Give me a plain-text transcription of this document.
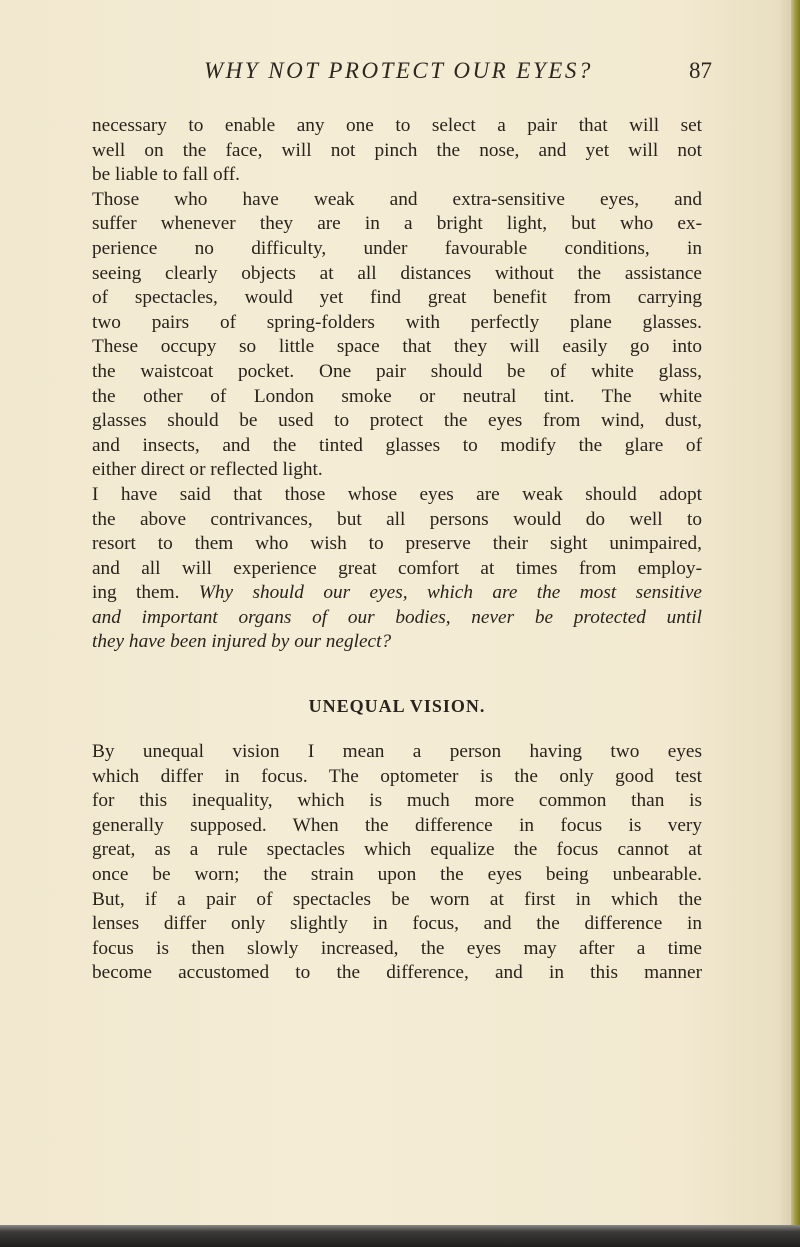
WHY NOT PROTECT OUR EYES?	87
necessary to enable any one to select a pair that will set
well on the face, will not pinch the nose, and yet will not
be liable to fall off.
Those who have weak and extra-sensitive eyes, and
suffer whenever they are in a bright light, but who ex-
perience no difficulty, under favourable conditions, in
seeing clearly objects at all distances without the assistance
of spectacles, would yet find great benefit from carrying
two pairs of spring-folders with perfectly plane glasses.
These occupy so little space that they will easily go into
the waistcoat pocket. One pair should be of white glass,
the other of London smoke or neutral tint. The white
glasses should be used to protect the eyes from wind, dust,
and insects, and the tinted glasses to modify the glare of
either direct or reflected light.
I have said that those whose eyes are weak should adopt
the above contrivances, but all persons would do well to
resort to them who wish to preserve their sight unimpaired,
and all will experience great comfort at times from employ-
ing them. Why should our eyes, which are the most sensitive
and important organs of our bodies, never be protected until
they have been injured by our neglect?
UNEQUAL VISION.
By unequal vision I mean a person having two eyes
which differ in focus. The optometer is the only good test
for this inequality, which is much more common than is
generally supposed. When the difference in focus is very
great, as a rule spectacles which equalize the focus cannot at
once be worn; the strain upon the eyes being unbearable.
But, if a pair of spectacles be worn at first in which the
lenses differ only slightly in focus, and the difference in
focus is then slowly increased, the eyes may after a time
become accustomed to the difference, and in this manner
